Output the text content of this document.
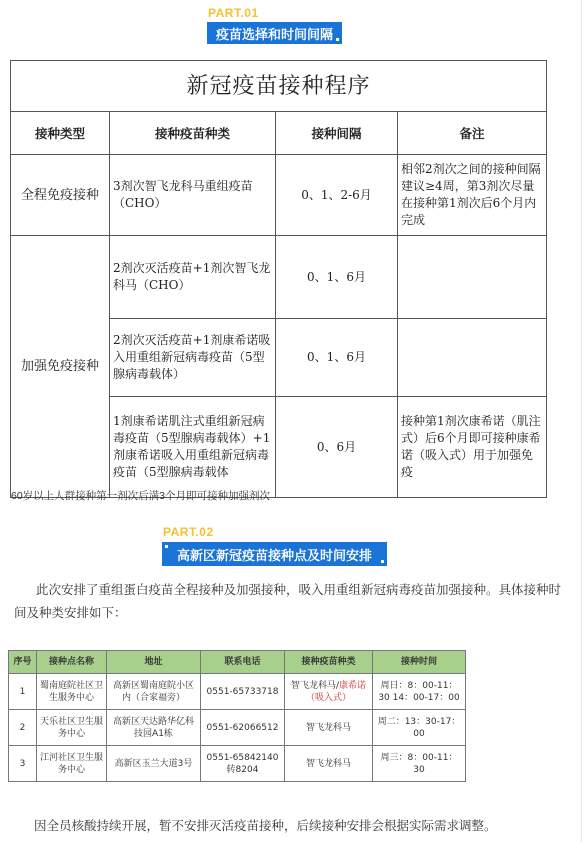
PART.01
疫苗选择和时间间隔
新冠疫苗接种程序			
接种类型	接种疫苗种类	接种间隔	备注
全程免疫接种	3剂次智飞龙科马重组疫苗（CHO）	0、1、2-6月	相邻2剂次之间的接种间隔建议≥4周，第3剂次尽量在接种第1剂次后6个月内完成
加强免疫接种	2剂次灭活疫苗+1剂次智飞龙科马（CHO）	0、1、6月	
	2剂次灭活疫苗+1剂康希诺吸入用重组新冠病毒疫苗（5型腺病毒载体）	0、1、6月	
	1剂康希诺肌注式重组新冠病毒疫苗（5型腺病毒载体）+1剂康希诺吸入用重组新冠病毒疫苗（5型腺病毒载体	0、6月	接种第1剂次康希诺（肌注式）后6个月即可接种康希诺（吸入式）用于加强免疫
60岁以上人群接种第一剂次后满3个月即可接种加强剂次
PART.02
高新区新冠疫苗接种点及时间安排
此次安排了重组蛋白疫苗全程接种及加强接种，吸入用重组新冠病毒疫苗加强接种。具体接种时间及种类安排如下：
序号	接种点名称	地址	联系电话	接种疫苗种类	接种时间
1	蜀南庭院社区卫生服务中心	高新区蜀南庭院小区内（合家福旁）	0551-65733718	智飞龙科马/康希诺（吸入式）	周日：8：00-11：30 14：00-17：00
2	天乐社区卫生服务中心	高新区天达路华亿科技园A1栋	0551-62066512	智飞龙科马	周二：13：30-17：00
3	江河社区卫生服务中心	高新区玉兰大道3号	0551-65842140转8204	智飞龙科马	周三：8：00-11：30
因全员核酸持续开展，暂不安排灭活疫苗接种，后续接种安排会根据实际需求调整。
